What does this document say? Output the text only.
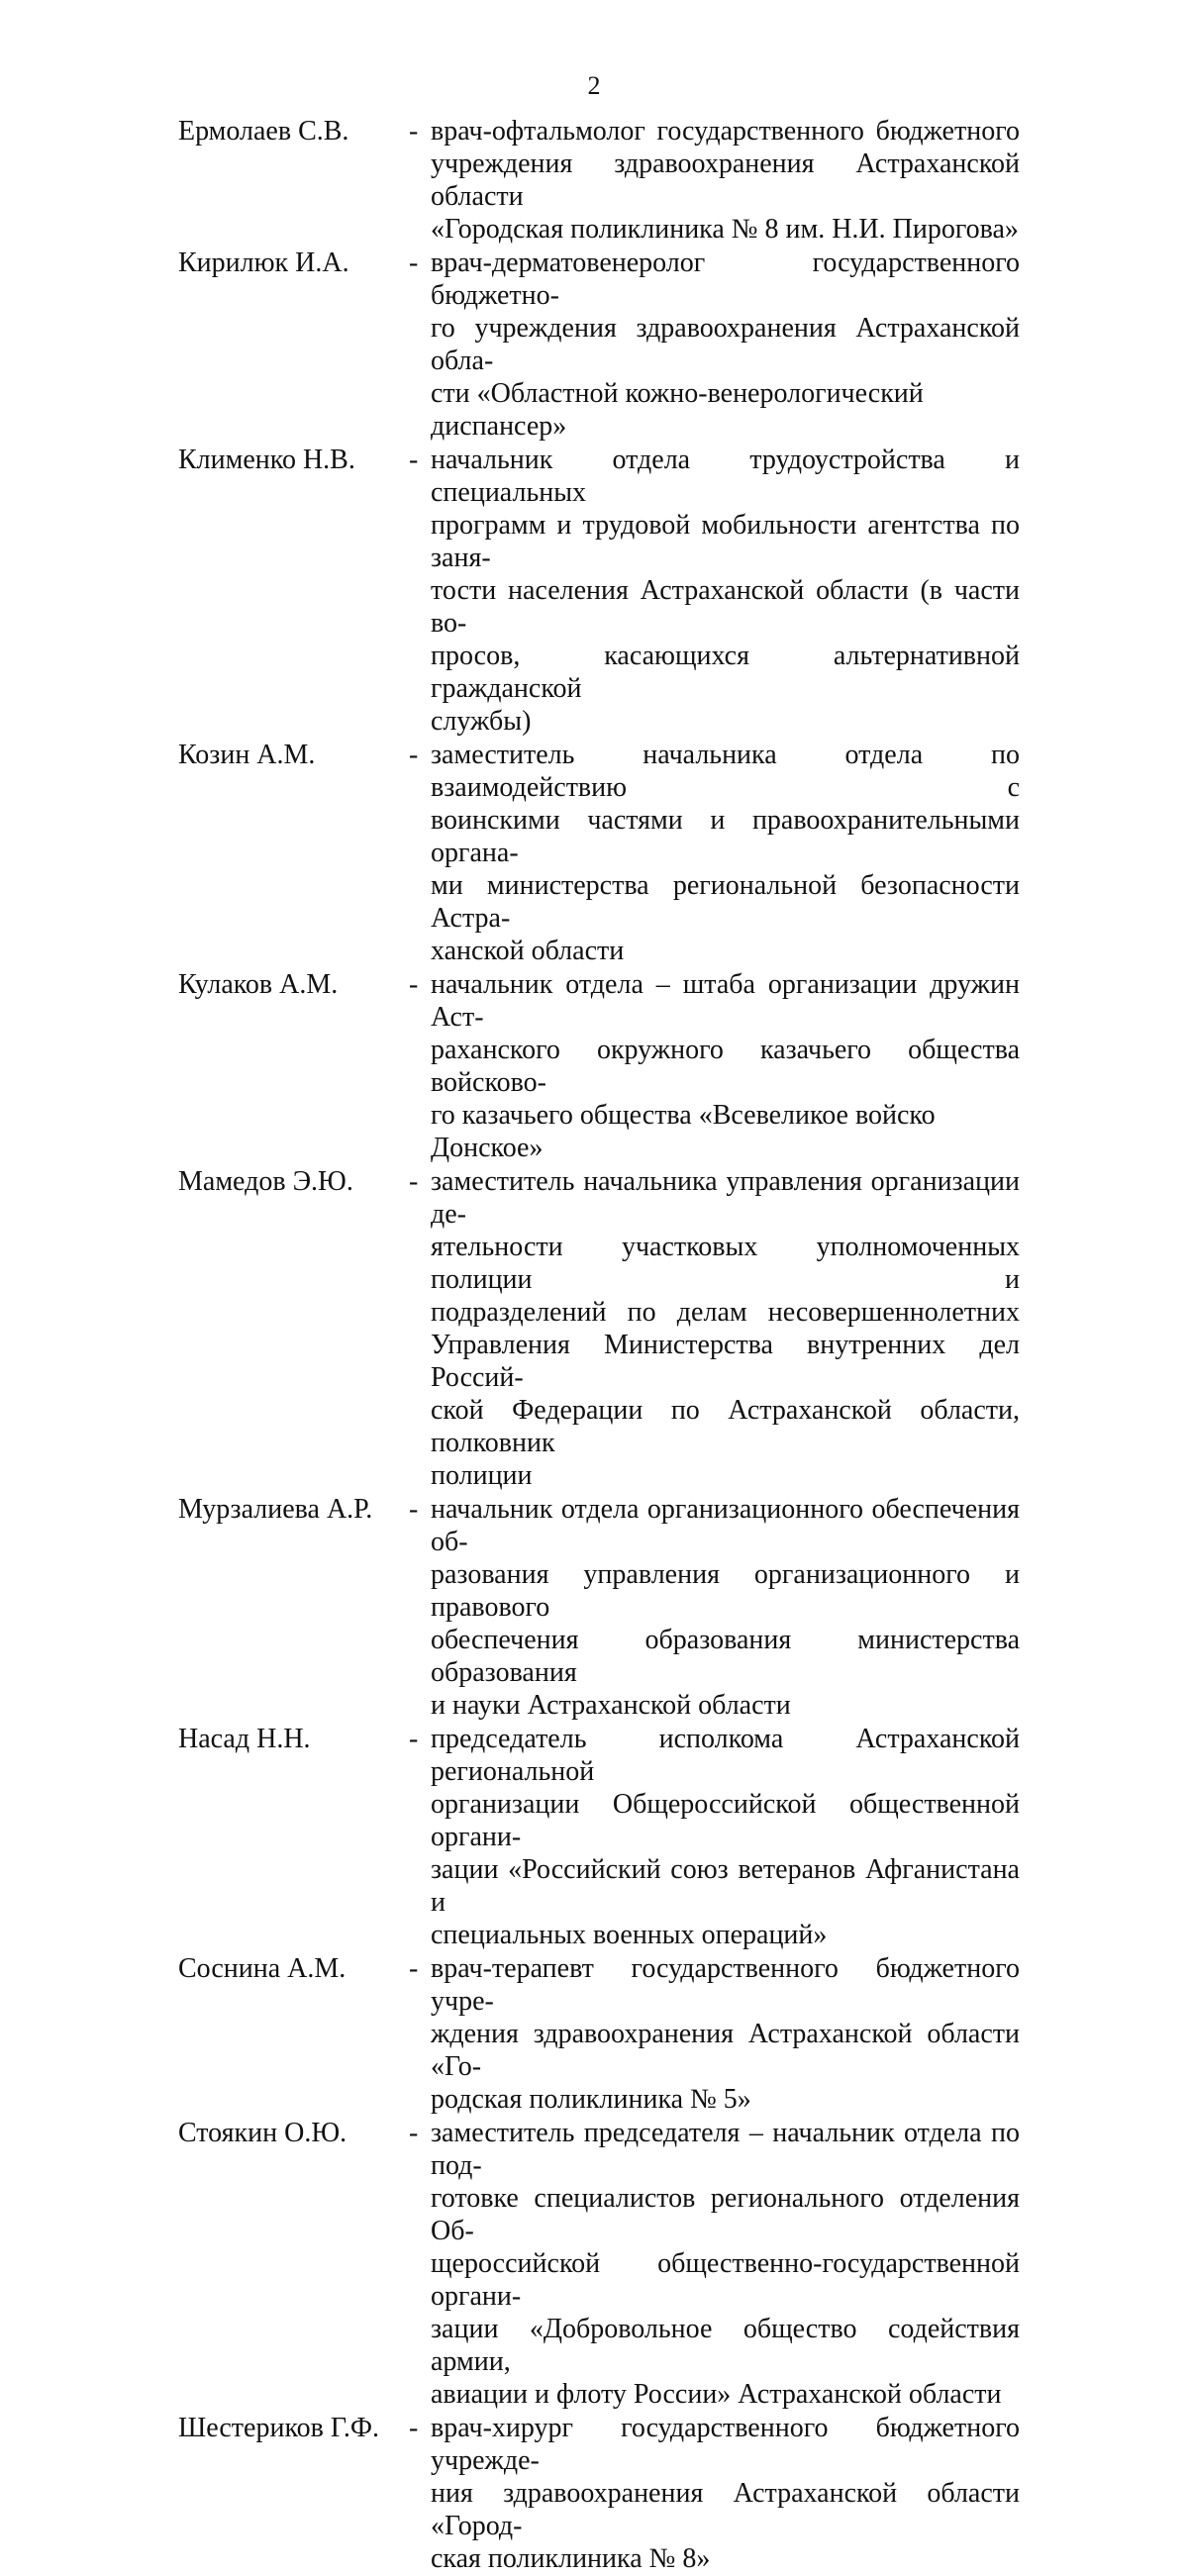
2
Ермолаев С.В.	- врач-офтальмолог государственного бюджетного
учреждения здравоохранения Астраханской области
«Городская поликлиника № 8 им. Н.И. Пирогова»
Кирилюк И.А.	- врач-дерматовенеролог государственного бюджетно-
го учреждения здравоохранения Астраханской обла-
сти «Областной кожно-венерологический диспансер»
Клименко Н.В.	- начальник отдела трудоустройства и специальных
программ и трудовой мобильности агентства по заня-
тости населения Астраханской области (в части во-
просов, касающихся альтернативной гражданской
службы)
Козин А.М.	- заместитель начальника отдела по взаимодействию с
воинскими частями и правоохранительными органа-
ми министерства региональной безопасности Астра-
ханской области
Кулаков А.М.	- начальник отдела – штаба организации дружин Аст-
раханского окружного казачьего общества войсково-
го казачьего общества «Всевеликое войско Донское»
Мамедов Э.Ю.	- заместитель начальника управления организации де-
ятельности участковых уполномоченных полиции и
подразделений по делам несовершеннолетних
Управления Министерства внутренних дел Россий-
ской Федерации по Астраханской области, полковник
полиции
Мурзалиева А.Р.	- начальник отдела организационного обеспечения об-
разования управления организационного и правового
обеспечения образования министерства образования
и науки Астраханской области
Насад Н.Н.	- председатель исполкома Астраханской региональной
организации Общероссийской общественной органи-
зации «Российский союз ветеранов Афганистана и
специальных военных операций»
Соснина А.М.	- врач-терапевт государственного бюджетного учре-
ждения здравоохранения Астраханской области «Го-
родская поликлиника № 5»
Стоякин О.Ю.	- заместитель председателя – начальник отдела по под-
готовке специалистов регионального отделения Об-
щероссийской общественно-государственной органи-
зации «Добровольное общество содействия армии,
авиации и флоту России» Астраханской области
Шестериков Г.Ф.	- врач-хирург государственного бюджетного учрежде-
ния здравоохранения Астраханской области «Город-
ская поликлиника № 8»
